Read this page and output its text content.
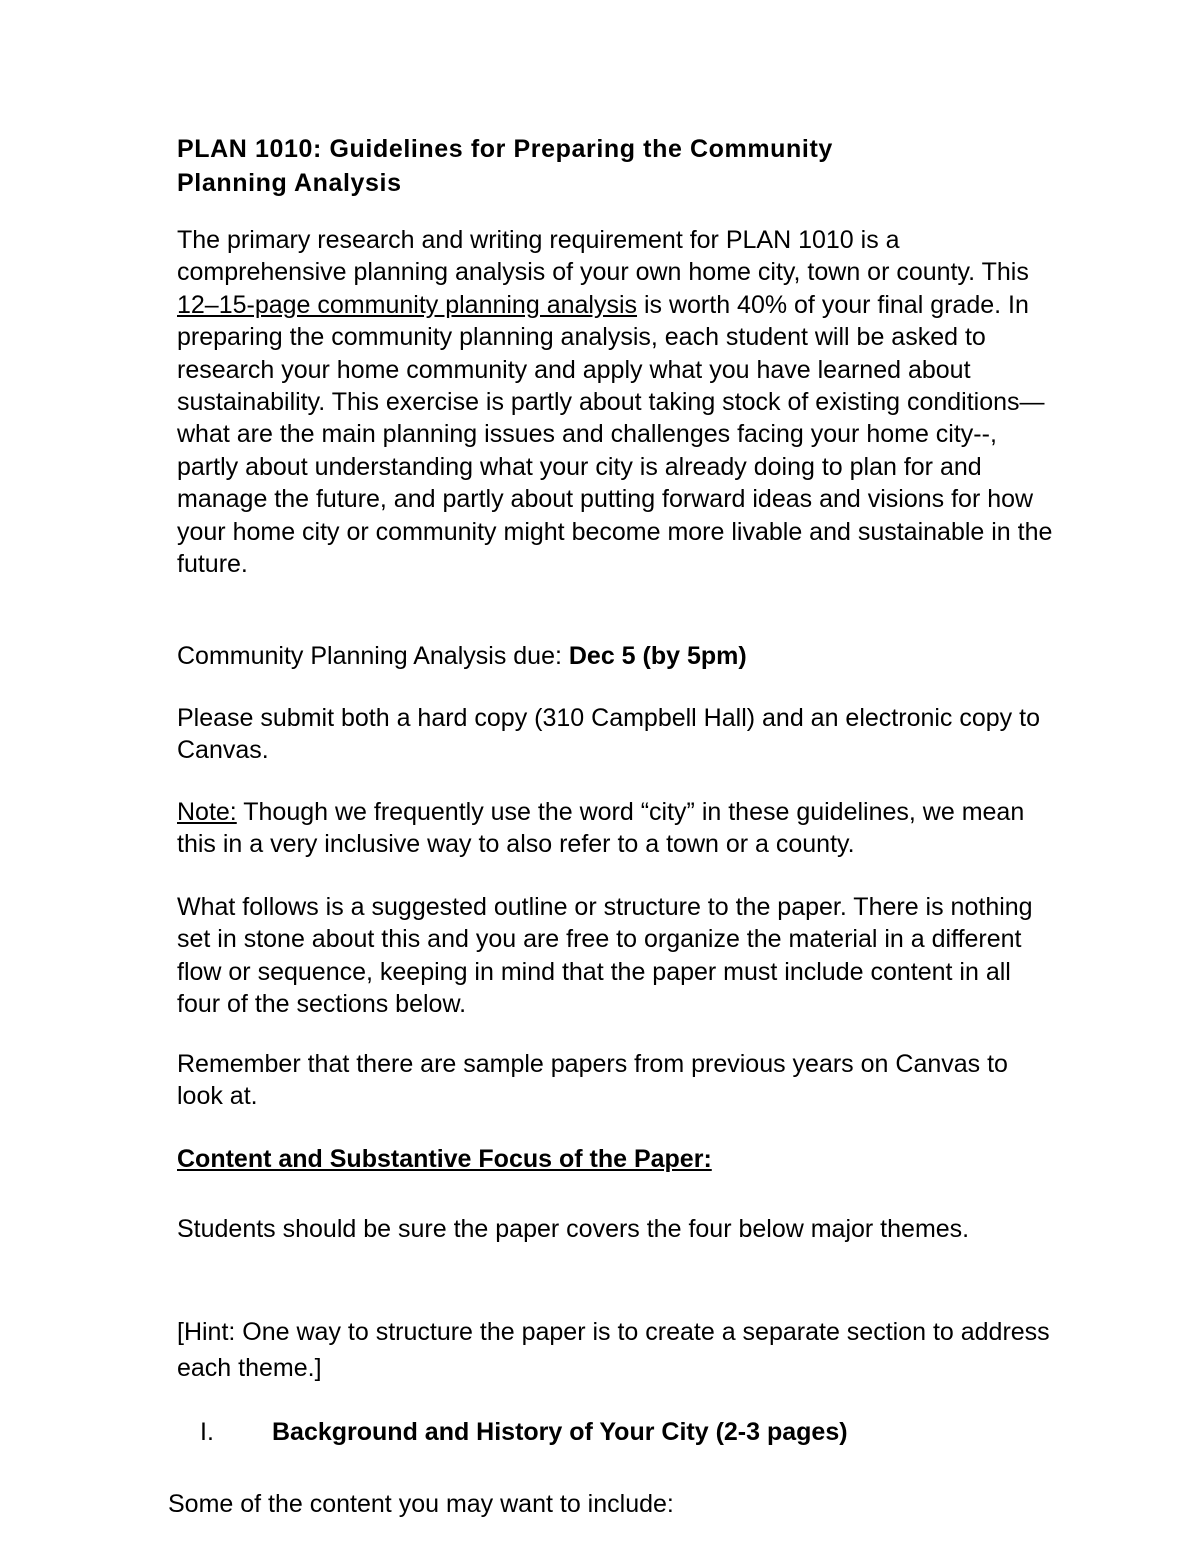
PLAN 1010: Guidelines for Preparing the Community
Planning Analysis

The primary research and writing requirement for PLAN 1010 is a comprehensive planning analysis of your own home city, town or county. This 12–15-page community planning analysis is worth 40% of your final grade. In preparing the community planning analysis, each student will be asked to research your home community and apply what you have learned about sustainability. This exercise is partly about taking stock of existing conditions— what are the main planning issues and challenges facing your home city--, partly about understanding what your city is already doing to plan for and manage the future, and partly about putting forward ideas and visions for how your home city or community might become more livable and sustainable in the future.

Community Planning Analysis due: Dec 5 (by 5pm)

Please submit both a hard copy (310 Campbell Hall) and an electronic copy to Canvas.

Note: Though we frequently use the word “city” in these guidelines, we mean this in a very inclusive way to also refer to a town or a county.

What follows is a suggested outline or structure to the paper. There is nothing set in stone about this and you are free to organize the material in a different flow or sequence, keeping in mind that the paper must include content in all four of the sections below.

Remember that there are sample papers from previous years on Canvas to look at.

Content and Substantive Focus of the Paper:

Students should be sure the paper covers the four below major themes.

[Hint: One way to structure the paper is to create a separate section to address each theme.]

I. Background and History of Your City (2-3 pages)

Some of the content you may want to include:
